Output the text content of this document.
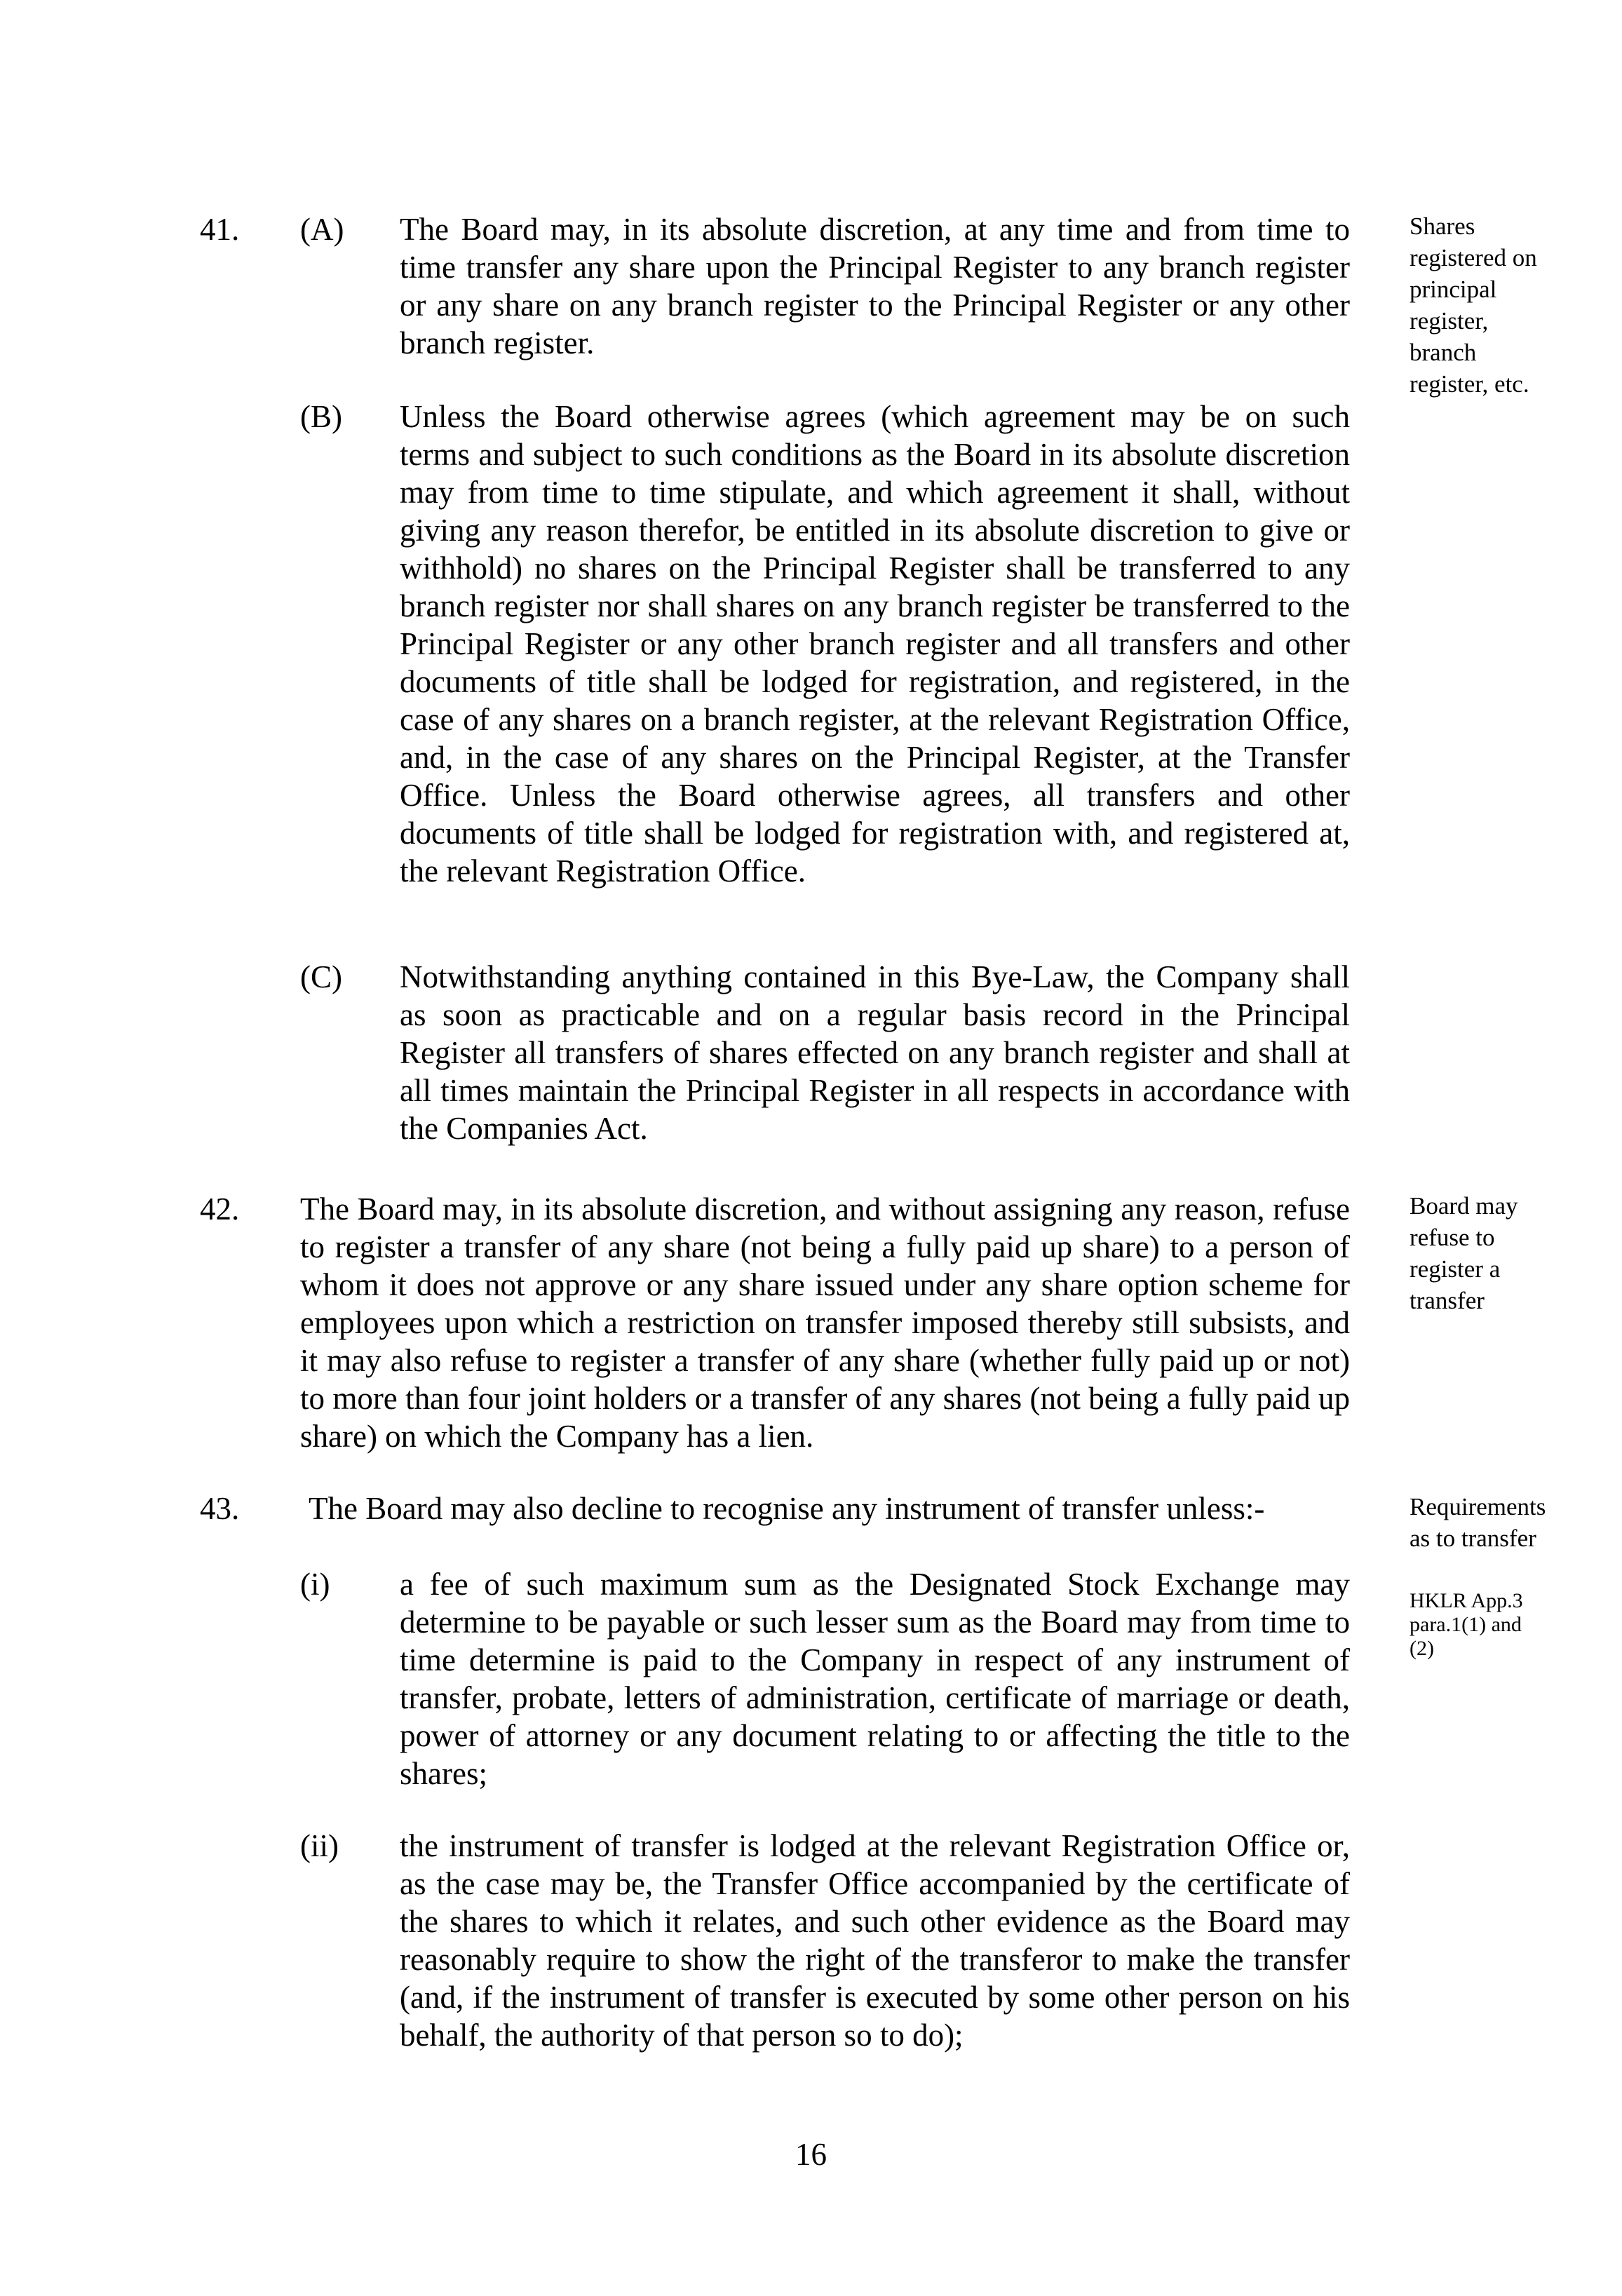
41. (A) The Board may, in its absolute discretion, at any time and from time to time transfer any share upon the Principal Register to any branch register or any share on any branch register to the Principal Register or any other branch register.

(B) Unless the Board otherwise agrees (which agreement may be on such terms and subject to such conditions as the Board in its absolute discretion may from time to time stipulate, and which agreement it shall, without giving any reason therefor, be entitled in its absolute discretion to give or withhold) no shares on the Principal Register shall be transferred to any branch register nor shall shares on any branch register be transferred to the Principal Register or any other branch register and all transfers and other documents of title shall be lodged for registration, and registered, in the case of any shares on a branch register, at the relevant Registration Office, and, in the case of any shares on the Principal Register, at the Transfer Office. Unless the Board otherwise agrees, all transfers and other documents of title shall be lodged for registration with, and registered at, the relevant Registration Office.

(C) Notwithstanding anything contained in this Bye-Law, the Company shall as soon as practicable and on a regular basis record in the Principal Register all transfers of shares effected on any branch register and shall at all times maintain the Principal Register in all respects in accordance with the Companies Act.

Shares registered on principal register, branch register, etc.
42. The Board may, in its absolute discretion, and without assigning any reason, refuse to register a transfer of any share (not being a fully paid up share) to a person of whom it does not approve or any share issued under any share option scheme for employees upon which a restriction on transfer imposed thereby still subsists, and it may also refuse to register a transfer of any share (whether fully paid up or not) to more than four joint holders or a transfer of any shares (not being a fully paid up share) on which the Company has a lien.

Board may refuse to register a transfer
43. The Board may also decline to recognise any instrument of transfer unless:-	Requirements as to transfer
HKLR App.3 para.1(1) and (2)
(i) a fee of such maximum sum as the Designated Stock Exchange may determine to be payable or such lesser sum as the Board may from time to time determine is paid to the Company in respect of any instrument of transfer, probate, letters of administration, certificate of marriage or death, power of attorney or any document relating to or affecting the title to the shares;

(ii) the instrument of transfer is lodged at the relevant Registration Office or, as the case may be, the Transfer Office accompanied by the certificate of the shares to which it relates, and such other evidence as the Board may reasonably require to show the right of the transferor to make the transfer (and, if the instrument of transfer is executed by some other person on his behalf, the authority of that person so to do);

16
